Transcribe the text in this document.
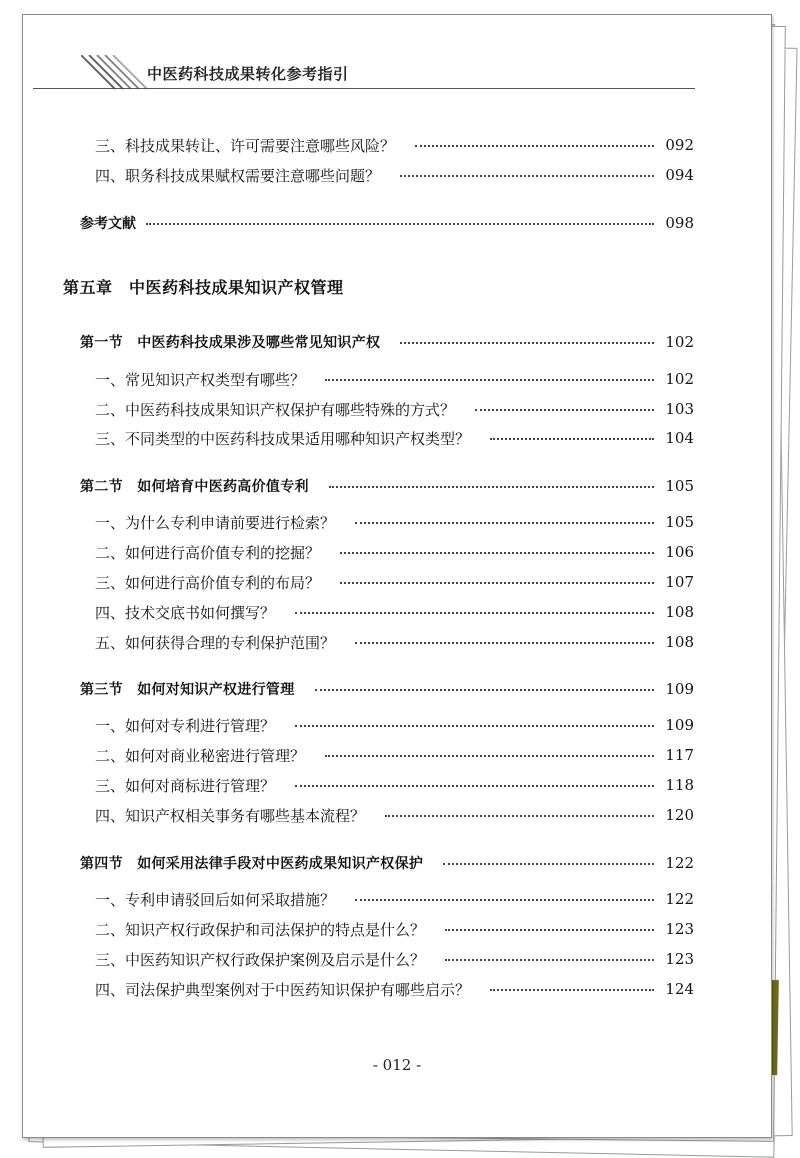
中医药科技成果转化参考指引
三、科技成果转让、许可需要注意哪些风险？	092
四、职务科技成果赋权需要注意哪些问题？	094
参考文献	098
第五章　 中医药科技成果知识产权管理
第一节　中医药科技成果涉及哪些常见知识产权	102
一、常见知识产权类型有哪些？	102
二、中医药科技成果知识产权保护有哪些特殊的方式？	103
三、不同类型的中医药科技成果适用哪种知识产权类型？	104
第二节　如何培育中医药高价值专利	105
一、为什么专利申请前要进行检索？	105
二、如何进行高价值专利的挖掘？	106
三、如何进行高价值专利的布局？	107
四、技术交底书如何撰写？	108
五、如何获得合理的专利保护范围？	108
第三节　如何对知识产权进行管理	109
一、如何对专利进行管理？	109
二、如何对商业秘密进行管理？	117
三、如何对商标进行管理？	118
四、知识产权相关事务有哪些基本流程？	120
第四节　如何采用法律手段对中医药成果知识产权保护	122
一、专利申请驳回后如何采取措施？	122
二、知识产权行政保护和司法保护的特点是什么？	123
三、中医药知识产权行政保护案例及启示是什么？	123
四、司法保护典型案例对于中医药知识保护有哪些启示？	124
- 012 -
